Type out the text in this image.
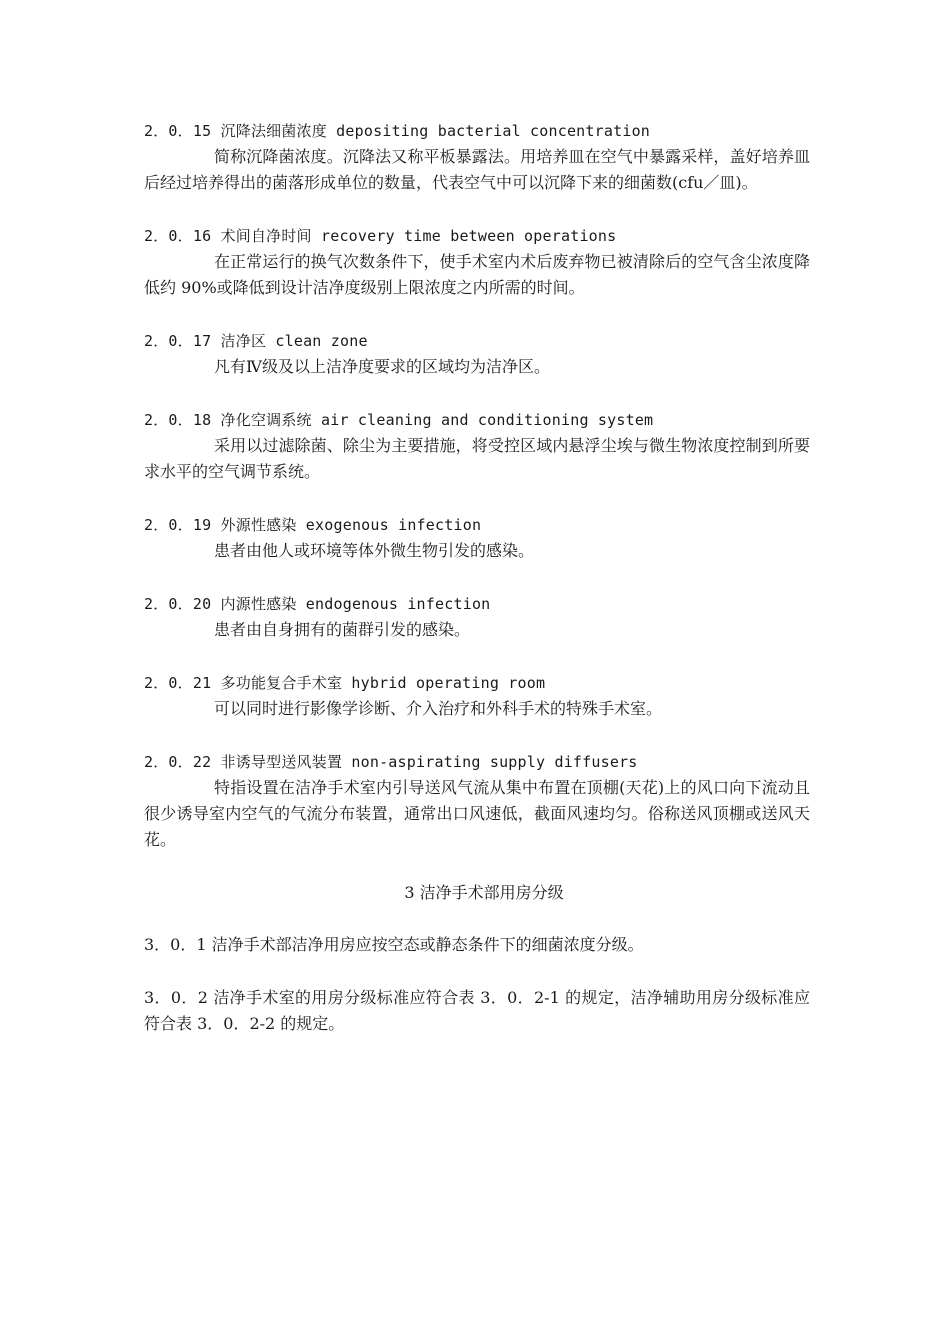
2．0．15 沉降法细菌浓度 depositing bacterial concentration
简称沉降菌浓度。沉降法又称平板暴露法。用培养皿在空气中暴露采样，盖好培养皿后经过培养得出的菌落形成单位的数量，代表空气中可以沉降下来的细菌数(cfu／皿)。
2．0．16 术间自净时间 recovery time between operations
在正常运行的换气次数条件下，使手术室内术后废弃物已被清除后的空气含尘浓度降低约 90%或降低到设计洁净度级别上限浓度之内所需的时间。
2．0．17 洁净区 clean zone
凡有Ⅳ级及以上洁净度要求的区域均为洁净区。
2．0．18 净化空调系统 air cleaning and conditioning system
采用以过滤除菌、除尘为主要措施，将受控区域内悬浮尘埃与微生物浓度控制到所要求水平的空气调节系统。
2．0．19 外源性感染 exogenous infection
患者由他人或环境等体外微生物引发的感染。
2．0．20 内源性感染 endogenous infection
患者由自身拥有的菌群引发的感染。
2．0．21 多功能复合手术室 hybrid operating room
可以同时进行影像学诊断、介入治疗和外科手术的特殊手术室。
2．0．22 非诱导型送风装置 non-aspirating supply diffusers
特指设置在洁净手术室内引导送风气流从集中布置在顶棚(天花)上的风口向下流动且很少诱导室内空气的气流分布装置，通常出口风速低，截面风速均匀。俗称送风顶棚或送风天花。
3 洁净手术部用房分级
3．0．1 洁净手术部洁净用房应按空态或静态条件下的细菌浓度分级。
3．0．2 洁净手术室的用房分级标准应符合表 3．0．2-1 的规定，洁净辅助用房分级标准应符合表 3．0．2-2 的规定。
